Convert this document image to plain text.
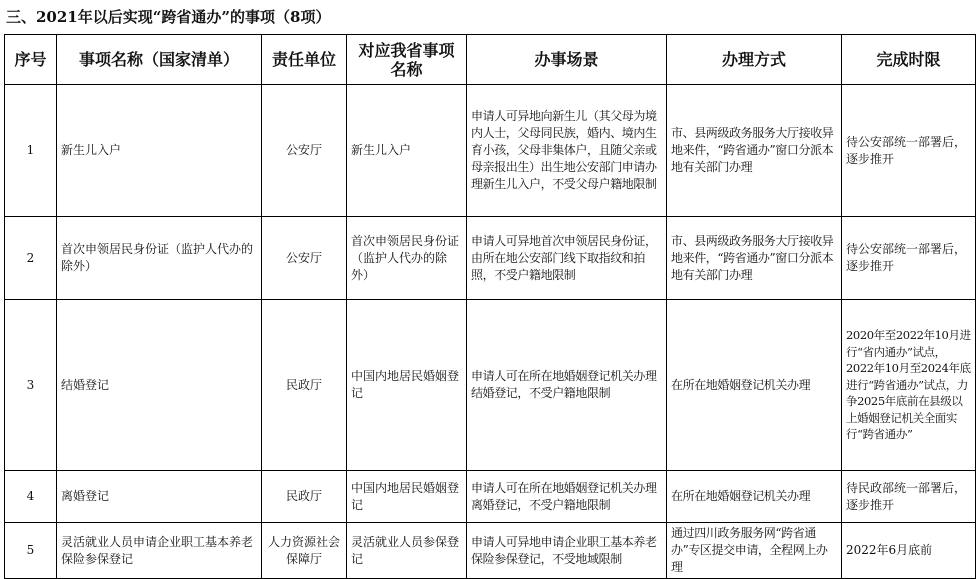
三、2021年以后实现“跨省通办”的事项（8项）
序号	事项名称（国家清单）	责任单位	对应我省事项名称	办事场景	办理方式	完成时限
1	新生儿入户	公安厅	新生儿入户	申请人可异地向新生儿（其父母为境内人士，父母同民族，婚内、境内生育小孩，父母非集体户，且随父亲或母亲报出生）出生地公安部门申请办理新生儿入户，不受父母户籍地限制	市、县两级政务服务大厅接收异地来件，“跨省通办”窗口分派本地有关部门办理	待公安部统一部署后，逐步推开
2	首次申领居民身份证（监护人代办的除外）	公安厅	首次申领居民身份证（监护人代办的除外）	申请人可异地首次申领居民身份证，由所在地公安部门线下取指纹和拍照，不受户籍地限制	市、县两级政务服务大厅接收异地来件，“跨省通办”窗口分派本地有关部门办理	待公安部统一部署后，逐步推开
3	结婚登记	民政厅	中国内地居民婚姻登记	申请人可在所在地婚姻登记机关办理结婚登记，不受户籍地限制	在所在地婚姻登记机关办理	2020年至2022年10月进行“省内通办”试点，2022年10月至2024年底进行“跨省通办”试点，力争2025年底前在县级以上婚姻登记机关全面实行“跨省通办”
4	离婚登记	民政厅	中国内地居民婚姻登记	申请人可在所在地婚姻登记机关办理离婚登记，不受户籍地限制	在所在地婚姻登记机关办理	待民政部统一部署后，逐步推开
5	灵活就业人员申请企业职工基本养老保险参保登记	人力资源社会保障厅	灵活就业人员参保登记	申请人可异地申请企业职工基本养老保险参保登记，不受地域限制	通过四川政务服务网“跨省通办”专区提交申请，全程网上办理	2022年6月底前
